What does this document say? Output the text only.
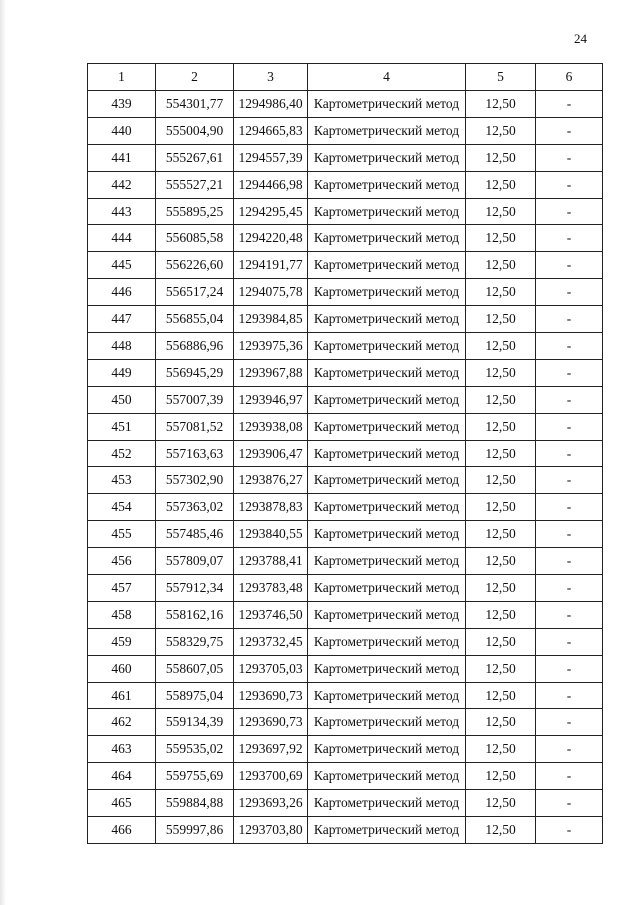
24
1	2	3	4	5	6
439	554301,77	1294986,40	Картометрический метод	12,50	-
440	555004,90	1294665,83	Картометрический метод	12,50	-
441	555267,61	1294557,39	Картометрический метод	12,50	-
442	555527,21	1294466,98	Картометрический метод	12,50	-
443	555895,25	1294295,45	Картометрический метод	12,50	-
444	556085,58	1294220,48	Картометрический метод	12,50	-
445	556226,60	1294191,77	Картометрический метод	12,50	-
446	556517,24	1294075,78	Картометрический метод	12,50	-
447	556855,04	1293984,85	Картометрический метод	12,50	-
448	556886,96	1293975,36	Картометрический метод	12,50	-
449	556945,29	1293967,88	Картометрический метод	12,50	-
450	557007,39	1293946,97	Картометрический метод	12,50	-
451	557081,52	1293938,08	Картометрический метод	12,50	-
452	557163,63	1293906,47	Картометрический метод	12,50	-
453	557302,90	1293876,27	Картометрический метод	12,50	-
454	557363,02	1293878,83	Картометрический метод	12,50	-
455	557485,46	1293840,55	Картометрический метод	12,50	-
456	557809,07	1293788,41	Картометрический метод	12,50	-
457	557912,34	1293783,48	Картометрический метод	12,50	-
458	558162,16	1293746,50	Картометрический метод	12,50	-
459	558329,75	1293732,45	Картометрический метод	12,50	-
460	558607,05	1293705,03	Картометрический метод	12,50	-
461	558975,04	1293690,73	Картометрический метод	12,50	-
462	559134,39	1293690,73	Картометрический метод	12,50	-
463	559535,02	1293697,92	Картометрический метод	12,50	-
464	559755,69	1293700,69	Картометрический метод	12,50	-
465	559884,88	1293693,26	Картометрический метод	12,50	-
466	559997,86	1293703,80	Картометрический метод	12,50	-
